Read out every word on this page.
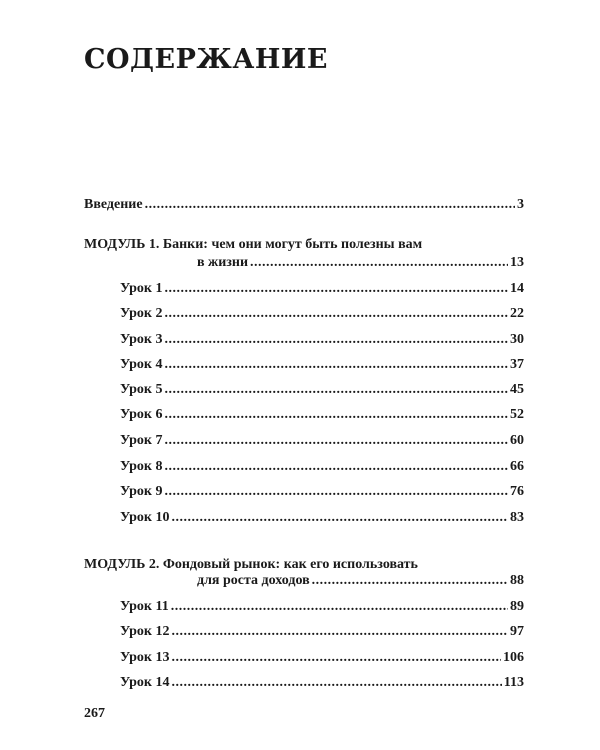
СОДЕРЖАНИЕ
Введение . . .	3

МОДУЛЬ 1. Банки: чем они могут быть полезны вам

в жизни . . .	13
Урок 1 . . .	14
Урок 2 . . .	22
Урок 3 . . .	30
Урок 4 . . .	37
Урок 5 . . .	45
Урок 6 . . .	52
Урок 7 . . .	60
Урок 8 . . .	66
Урок 9 . . .	76
Урок 10 . . .	83

МОДУЛЬ 2. Фондовый рынок: как его использовать

для роста доходов . . .	88
Урок 11 . . .	89
Урок 12 . . .	97
Урок 13 . . .	106
Урок 14 . . .	113
267
